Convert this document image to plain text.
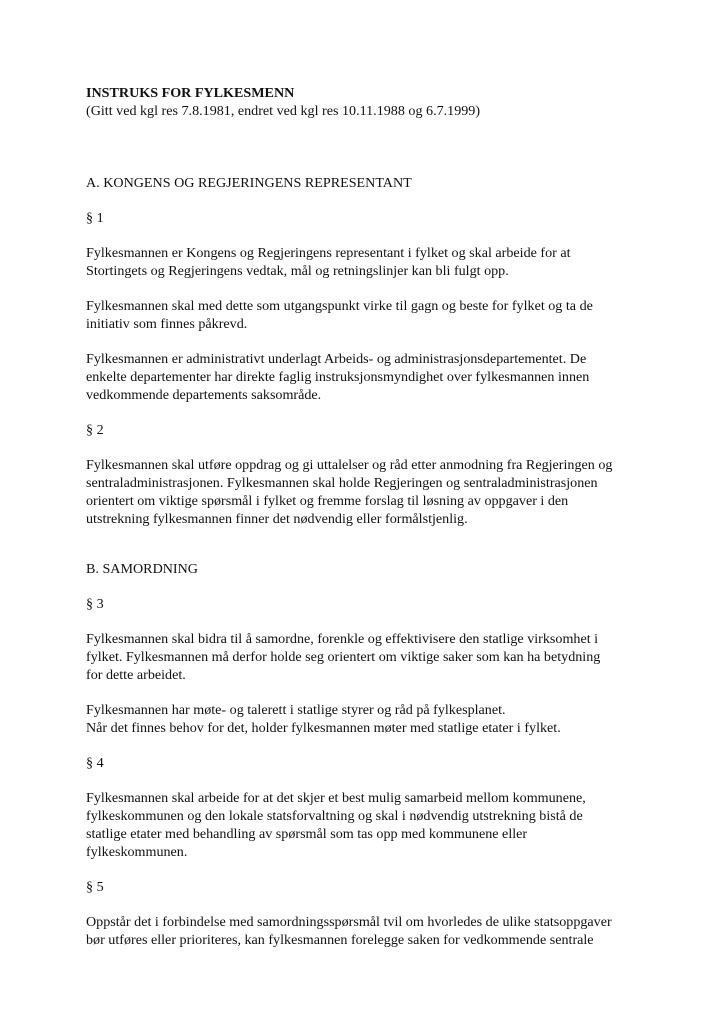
INSTRUKS FOR FYLKESMENN
(Gitt ved kgl res 7.8.1981, endret ved kgl res 10.11.1988 og 6.7.1999)
A. KONGENS OG REGJERINGENS REPRESENTANT
§ 1
Fylkesmannen er Kongens og Regjeringens representant i fylket og skal arbeide for at
Stortingets og Regjeringens vedtak, mål og retningslinjer kan bli fulgt opp.
Fylkesmannen skal med dette som utgangspunkt virke til gagn og beste for fylket og ta de
initiativ som finnes påkrevd.
Fylkesmannen er administrativt underlagt Arbeids- og administrasjonsdepartementet. De
enkelte departementer har direkte faglig instruksjonsmyndighet over fylkesmannen innen
vedkommende departements saksområde.
§ 2
Fylkesmannen skal utføre oppdrag og gi uttalelser og råd etter anmodning fra Regjeringen og
sentraladministrasjonen. Fylkesmannen skal holde Regjeringen og sentraladministrasjonen
orientert om viktige spørsmål i fylket og fremme forslag til løsning av oppgaver i den
utstrekning fylkesmannen finner det nødvendig eller formålstjenlig.
B. SAMORDNING
§ 3
Fylkesmannen skal bidra til å samordne, forenkle og effektivisere den statlige virksomhet i
fylket. Fylkesmannen må derfor holde seg orientert om viktige saker som kan ha betydning
for dette arbeidet.
Fylkesmannen har møte- og talerett i statlige styrer og råd på fylkesplanet.
Når det finnes behov for det, holder fylkesmannen møter med statlige etater i fylket.
§ 4
Fylkesmannen skal arbeide for at det skjer et best mulig samarbeid mellom kommunene,
fylkeskommunen og den lokale statsforvaltning og skal i nødvendig utstrekning bistå de
statlige etater med behandling av spørsmål som tas opp med kommunene eller
fylkeskommunen.
§ 5
Oppstår det i forbindelse med samordningsspørsmål tvil om hvorledes de ulike statsoppgaver
bør utføres eller prioriteres, kan fylkesmannen forelegge saken for vedkommende sentrale
